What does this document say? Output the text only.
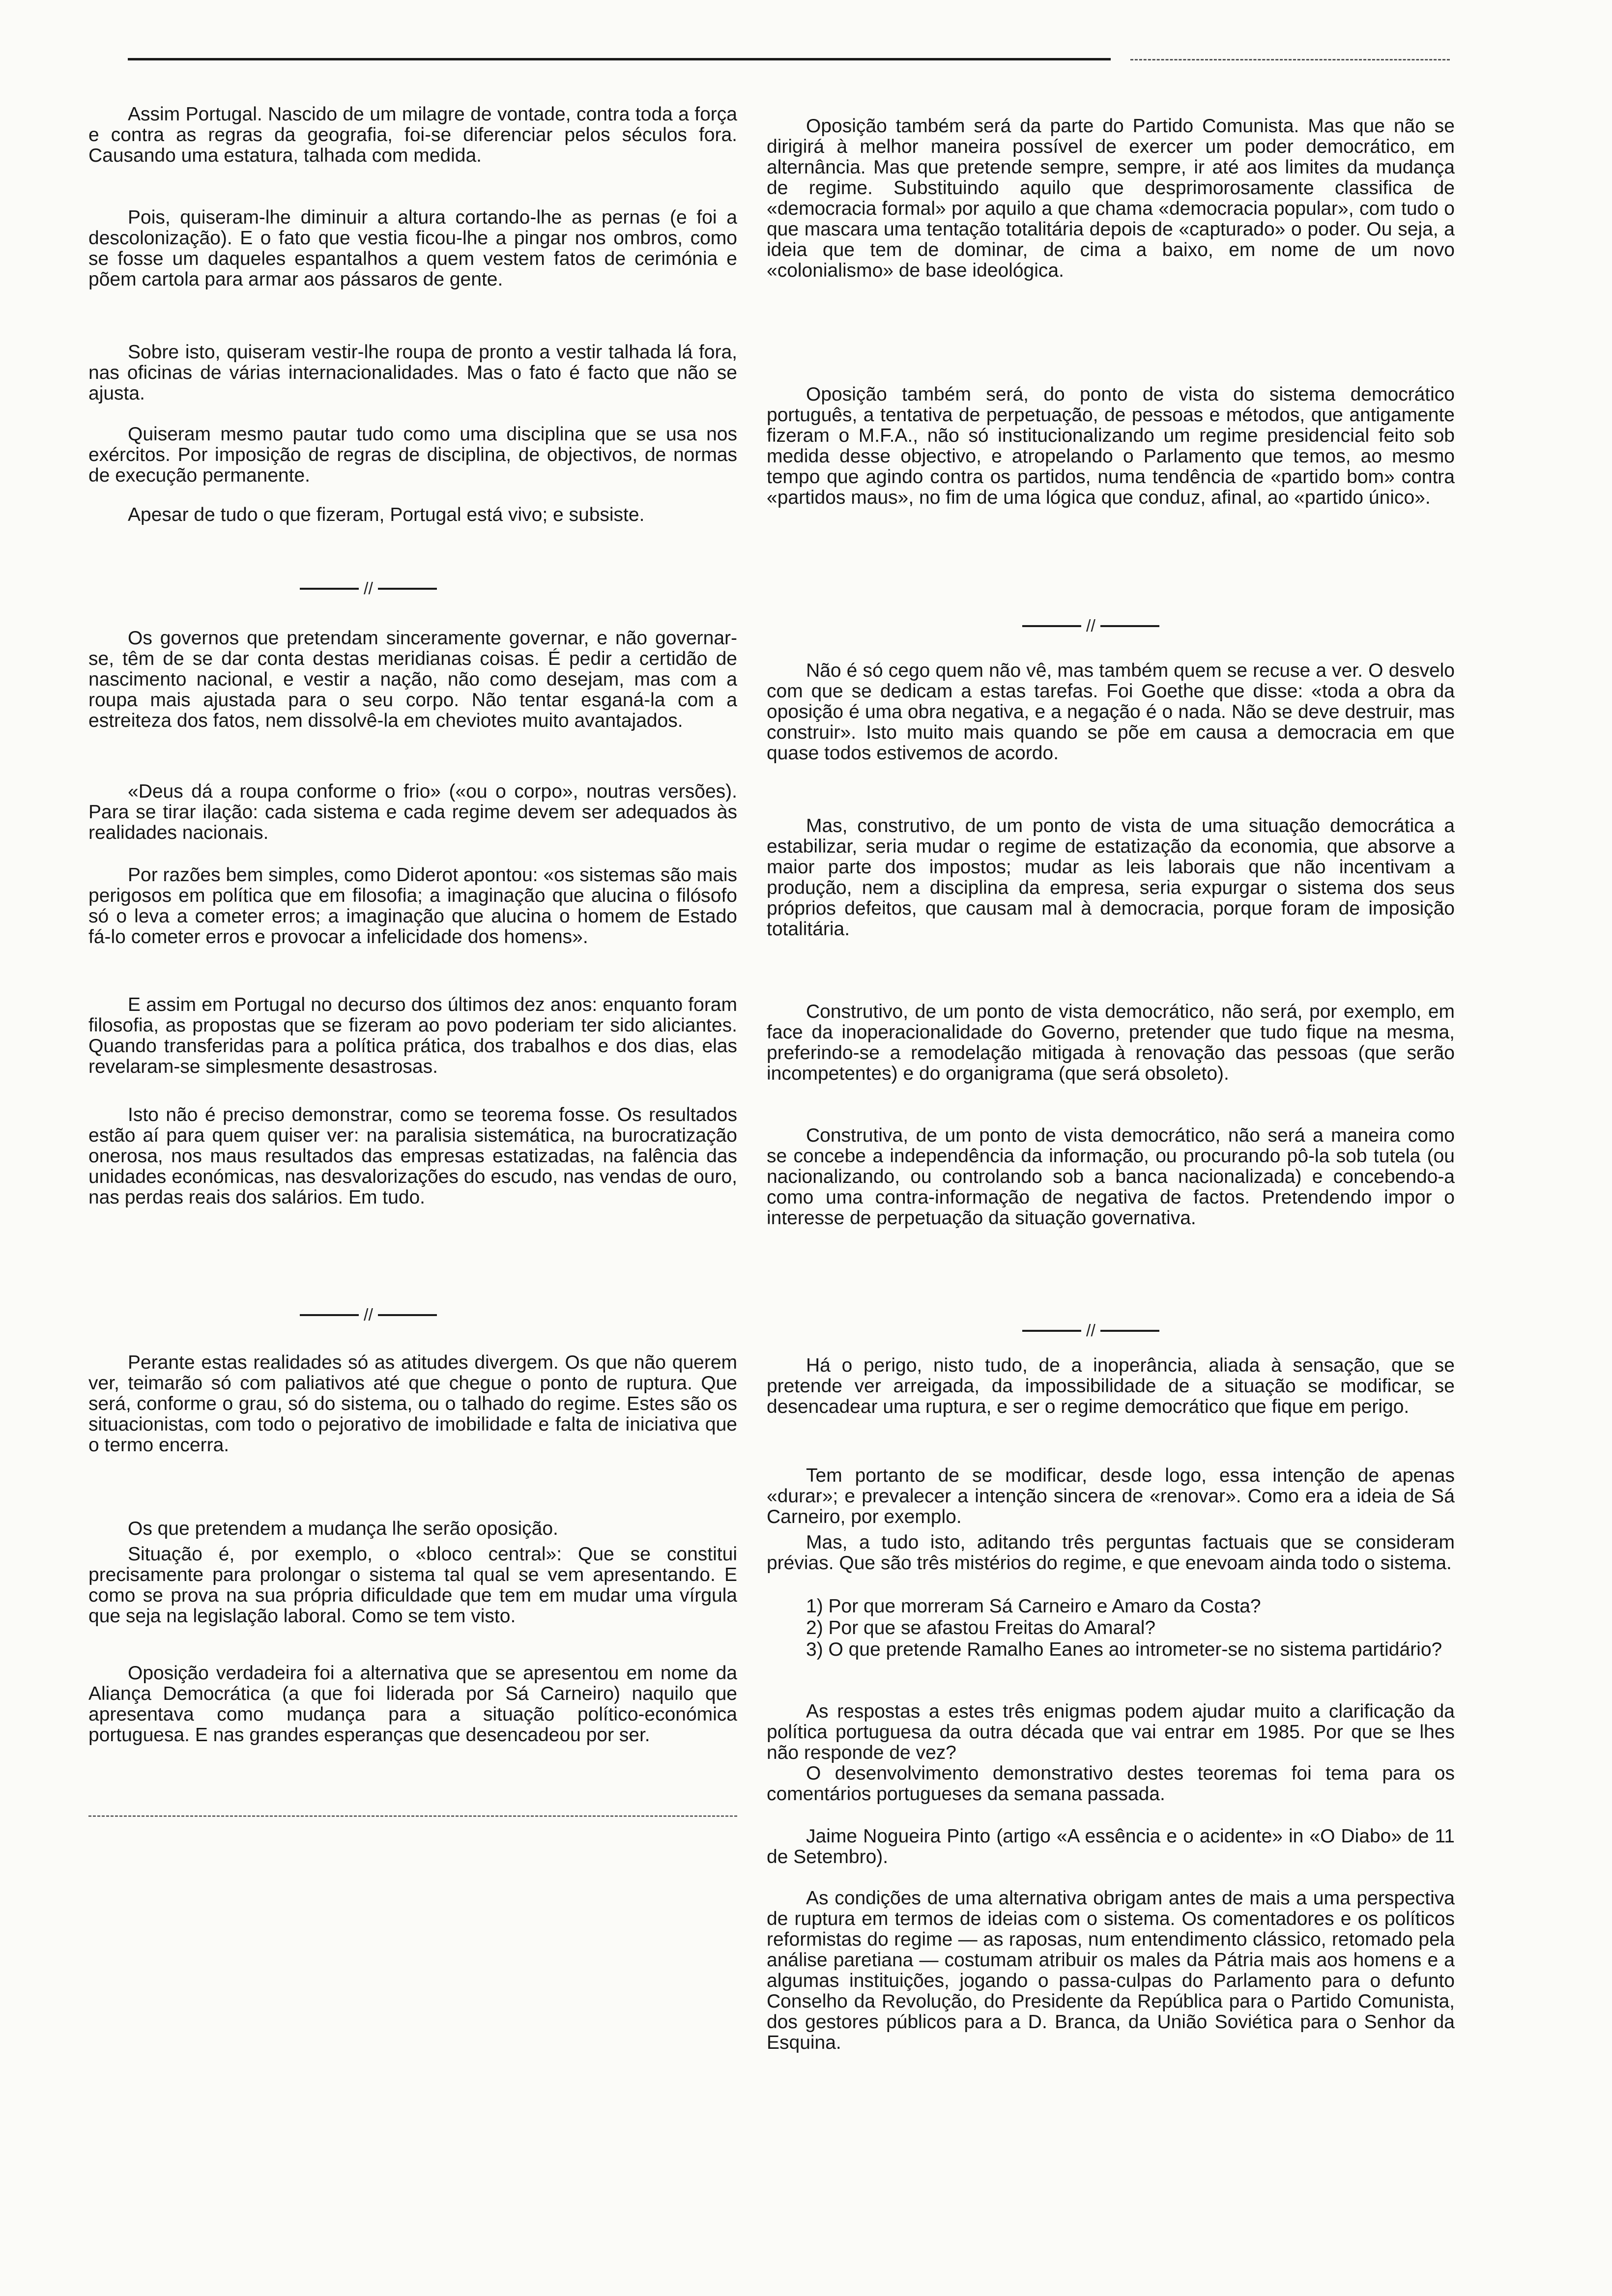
Assim Portugal. Nascido de um milagre de vontade, contra toda a força e contra as regras da geografia, foi-se diferenciar pelos séculos fora. Causando uma estatura, talhada com medida.

Pois, quiseram-lhe diminuir a altura cortando-lhe as pernas (e foi a descolonização). E o fato que vestia ficou-lhe a pingar nos ombros, como se fosse um daqueles espantalhos a quem vestem fatos de cerimónia e põem cartola para armar aos pássaros de gente.

Sobre isto, quiseram vestir-lhe roupa de pronto a vestir talhada lá fora, nas oficinas de várias internacionalidades. Mas o fato é facto que não se ajusta.

Quiseram mesmo pautar tudo como uma disciplina que se usa nos exércitos. Por imposição de regras de disciplina, de objectivos, de normas de execução permanente.

Apesar de tudo o que fizeram, Portugal está vivo; e subsiste.

//

Os governos que pretendam sinceramente governar, e não governar-se, têm de se dar conta destas meridianas coisas. É pedir a certidão de nascimento nacional, e vestir a nação, não como desejam, mas com a roupa mais ajustada para o seu corpo. Não tentar esganá-la com a estreiteza dos fatos, nem dissolvê-la em cheviotes muito avantajados.

«Deus dá a roupa conforme o frio» («ou o corpo», noutras versões). Para se tirar ilação: cada sistema e cada regime devem ser adequados às realidades nacionais.

Por razões bem simples, como Diderot apontou: «os sistemas são mais perigosos em política que em filosofia; a imaginação que alucina o filósofo só o leva a cometer erros; a imaginação que alucina o homem de Estado fá-lo cometer erros e provocar a infelicidade dos homens».

E assim em Portugal no decurso dos últimos dez anos: enquanto foram filosofia, as propostas que se fizeram ao povo poderiam ter sido aliciantes. Quando transferidas para a política prática, dos trabalhos e dos dias, elas revelaram-se simplesmente desastrosas.

Isto não é preciso demonstrar, como se teorema fosse. Os resultados estão aí para quem quiser ver: na paralisia sistemática, na burocratização onerosa, nos maus resultados das empresas estatizadas, na falência das unidades económicas, nas desvalorizações do escudo, nas vendas de ouro, nas perdas reais dos salários. Em tudo.

//

Perante estas realidades só as atitudes divergem. Os que não querem ver, teimarão só com paliativos até que chegue o ponto de ruptura. Que será, conforme o grau, só do sistema, ou o talhado do regime. Estes são os situacionistas, com todo o pejorativo de imobilidade e falta de iniciativa que o termo encerra.

Os que pretendem a mudança lhe serão oposição.

Situação é, por exemplo, o «bloco central»: Que se constitui precisamente para prolongar o sistema tal qual se vem apresentando. E como se prova na sua própria dificuldade que tem em mudar uma vírgula que seja na legislação laboral. Como se tem visto.

Oposição verdadeira foi a alternativa que se apresentou em nome da Aliança Democrática (a que foi liderada por Sá Carneiro) naquilo que apresentava como mudança para a situação político-económica portuguesa. E nas grandes esperanças que desencadeou por ser.

Oposição também será da parte do Partido Comunista. Mas que não se dirigirá à melhor maneira possível de exercer um poder democrático, em alternância. Mas que pretende sempre, sempre, ir até aos limites da mudança de regime. Substituindo aquilo que desprimorosamente classifica de «democracia formal» por aquilo a que chama «democracia popular», com tudo o que mascara uma tentação totalitária depois de «capturado» o poder. Ou seja, a ideia que tem de dominar, de cima a baixo, em nome de um novo «colonialismo» de base ideológica.

Oposição também será, do ponto de vista do sistema democrático português, a tentativa de perpetuação, de pessoas e métodos, que antigamente fizeram o M.F.A., não só institucionalizando um regime presidencial feito sob medida desse objectivo, e atropelando o Parlamento que temos, ao mesmo tempo que agindo contra os partidos, numa tendência de «partido bom» contra «partidos maus», no fim de uma lógica que conduz, afinal, ao «partido único».

//

Não é só cego quem não vê, mas também quem se recuse a ver. O desvelo com que se dedicam a estas tarefas. Foi Goethe que disse: «toda a obra da oposição é uma obra negativa, e a negação é o nada. Não se deve destruir, mas construir». Isto muito mais quando se põe em causa a democracia em que quase todos estivemos de acordo.

Mas, construtivo, de um ponto de vista de uma situação democrática a estabilizar, seria mudar o regime de estatização da economia, que absorve a maior parte dos impostos; mudar as leis laborais que não incentivam a produção, nem a disciplina da empresa, seria expurgar o sistema dos seus próprios defeitos, que causam mal à democracia, porque foram de imposição totalitária.

Construtivo, de um ponto de vista democrático, não será, por exemplo, em face da inoperacionalidade do Governo, pretender que tudo fique na mesma, preferindo-se a remodelação mitigada à renovação das pessoas (que serão incompetentes) e do organigrama (que será obsoleto).

Construtiva, de um ponto de vista democrático, não será a maneira como se concebe a independência da informação, ou procurando pô-la sob tutela (ou nacionalizando, ou controlando sob a banca nacionalizada) e concebendo-a como uma contra-informação de negativa de factos. Pretendendo impor o interesse de perpetuação da situação governativa.

//

Há o perigo, nisto tudo, de a inoperância, aliada à sensação, que se pretende ver arreigada, da impossibilidade de a situação se modificar, se desencadear uma ruptura, e ser o regime democrático que fique em perigo.

Tem portanto de se modificar, desde logo, essa intenção de apenas «durar»; e prevalecer a intenção sincera de «renovar». Como era a ideia de Sá Carneiro, por exemplo.

Mas, a tudo isto, aditando três perguntas factuais que se consideram prévias. Que são três mistérios do regime, e que enevoam ainda todo o sistema.

1) Por que morreram Sá Carneiro e Amaro da Costa?

2) Por que se afastou Freitas do Amaral?

3) O que pretende Ramalho Eanes ao intrometer-se no sistema partidário?

As respostas a estes três enigmas podem ajudar muito a clarificação da política portuguesa da outra década que vai entrar em 1985. Por que se lhes não responde de vez?

O desenvolvimento demonstrativo destes teoremas foi tema para os comentários portugueses da semana passada.

Jaime Nogueira Pinto (artigo «A essência e o acidente» in «O Diabo» de 11 de Setembro).

As condições de uma alternativa obrigam antes de mais a uma perspectiva de ruptura em termos de ideias com o sistema. Os comentadores e os políticos reformistas do regime — as raposas, num entendimento clássico, retomado pela análise paretiana — costumam atribuir os males da Pátria mais aos homens e a algumas instituições, jogando o passa-culpas do Parlamento para o defunto Conselho da Revolução, do Presidente da República para o Partido Comunista, dos gestores públicos para a D. Branca, da União Soviética para o Senhor da Esquina.
